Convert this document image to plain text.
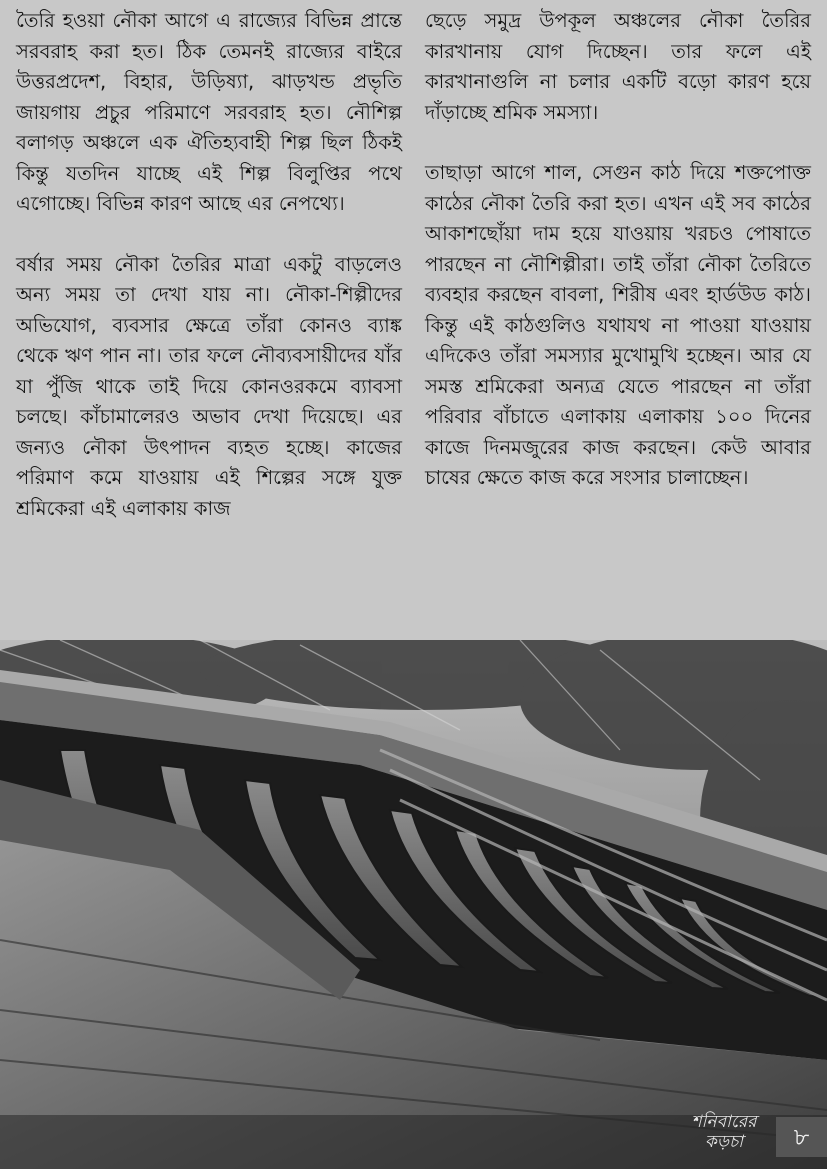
তৈরি হওয়া নৌকা আগে এ রাজ্যের বিভিন্ন প্রান্তে সরবরাহ করা হত। ঠিক তেমনই রাজ্যের বাইরে উত্তরপ্রদেশ, বিহার, উড়িষ্যা, ঝাড়খন্ড প্রভৃতি জায়গায় প্রচুর পরিমাণে সরবরাহ হত। নৌশিল্প বলাগড় অঞ্চলে এক ঐতিহ্যবাহী শিল্প ছিল ঠিকই কিন্তু যতদিন যাচ্ছে এই শিল্প বিলুপ্তির পথে এগোচ্ছে। বিভিন্ন কারণ আছে এর নেপথ্যে।

বর্ষার সময় নৌকা তৈরির মাত্রা একটু বাড়লেও অন্য সময় তা দেখা যায় না। নৌকা-শিল্পীদের অভিযোগ, ব্যবসার ক্ষেত্রে তাঁরা কোনও ব্যাঙ্ক থেকে ঋণ পান না। তার ফলে নৌব্যবসায়ীদের যাঁর যা পুঁজি থাকে তাই দিয়ে কোনওরকমে ব্যাবসা চলছে। কাঁচামালেরও অভাব দেখা দিয়েছে। এর জন্যও নৌকা উৎপাদন ব্যহত হচ্ছে। কাজের পরিমাণ কমে যাওয়ায় এই শিল্পের সঙ্গে যুক্ত শ্রমিকেরা এই এলাকায় কাজ

ছেড়ে সমুদ্র উপকূল অঞ্চলের নৌকা তৈরির কারখানায় যোগ দিচ্ছেন। তার ফলে এই কারখানাগুলি না চলার একটি বড়ো কারণ হয়ে দাঁড়াচ্ছে শ্রমিক সমস্যা।

তাছাড়া আগে শাল, সেগুন কাঠ দিয়ে শক্তপোক্ত কাঠের নৌকা তৈরি করা হত। এখন এই সব কাঠের আকাশছোঁয়া দাম হয়ে যাওয়ায় খরচও পোষাতে পারছেন না নৌশিল্পীরা। তাই তাঁরা নৌকা তৈরিতে ব্যবহার করছেন বাবলা, শিরীষ এবং হার্ডউড কাঠ। কিন্তু এই কাঠগুলিও যথাযথ না পাওয়া যাওয়ায় এদিকেও তাঁরা সমস্যার মুখোমুখি হচ্ছেন। আর যে সমস্ত শ্রমিকেরা অন্যত্র যেতে পারছেন না তাঁরা পরিবার বাঁচাতে এলাকায় এলাকায় ১০০ দিনের কাজে দিনমজুরের কাজ করছেন। কেউ আবার চাষের ক্ষেতে কাজ করে সংসার চালাচ্ছেন।

শনিবারের কড়চা	৮
